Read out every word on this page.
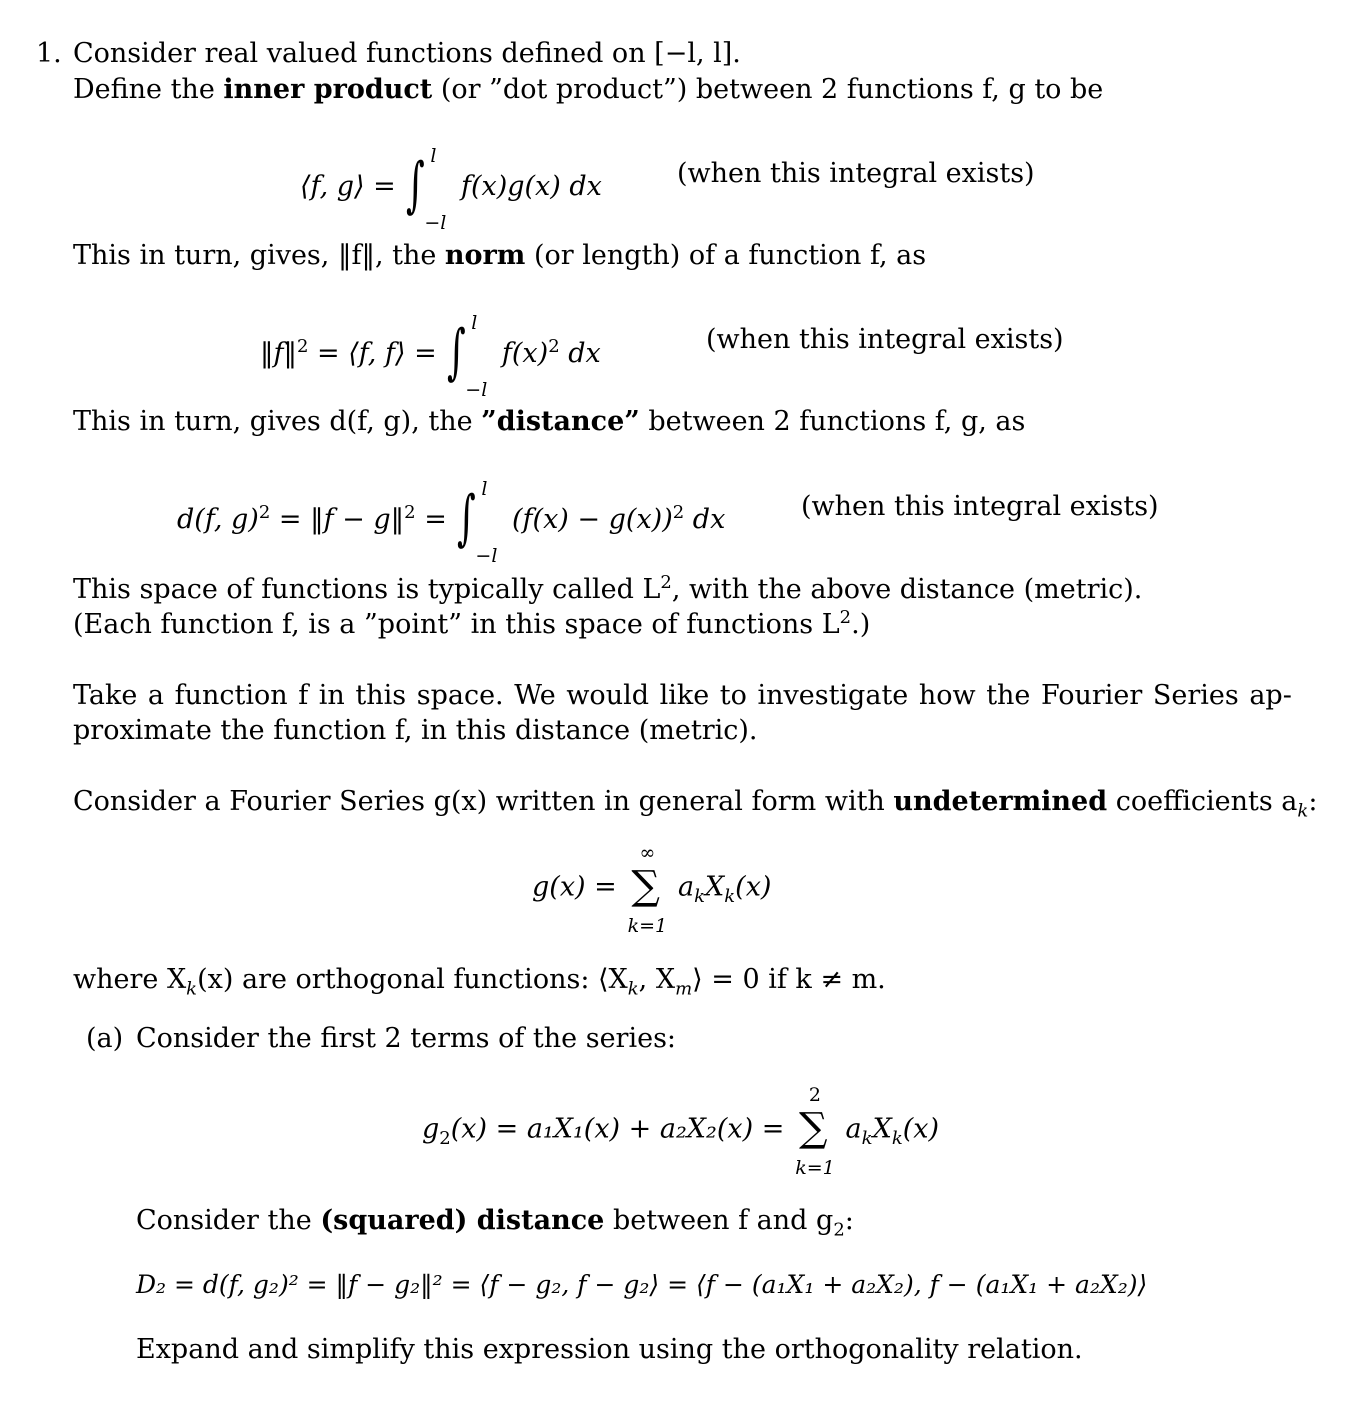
1. Consider real valued functions defined on [−l, l].
Define the inner product (or ”dot product”) between 2 functions f, g to be
⟨f, g⟩ = ∫ l
−l
f(x)g(x) dx	(when this integral exists)
This in turn, gives, ‖f‖, the norm (or length) of a function f, as
‖f‖$^2$ = ⟨f, f⟩ = ∫ l
−l
$f(x)^2$ dx	(when this integral exists)
This in turn, gives d(f, g), the ”distance” between 2 functions f, g, as
d(f, g)$^2$ = ‖f − g‖$^2$ = ∫ l
−l
$(f(x) - g(x))^2$ dx	(when this integral exists)
This space of functions is typically called $L^2$, with the above distance (metric).
(Each function f, is a ”point” in this space of functions $L^2$.)
Take a function f in this space. We would like to investigate how the Fourier Series ap-
proximate the function f, in this distance (metric).
Consider a Fourier Series g(x) written in general form with undetermined coefficients $a_k$:
g(x) =
∞
∑
k=1
$a_kX_k(x)$
where $X_k(x)$ are orthogonal functions: $⟨X_k$, $X_m⟩ = 0$ if k ≠ m.
(a) Consider the first 2 terms of the series:
$g_2(x) = a_1X_1(x) + a_2X_2(x)$ =
2
∑
k=1
$a_kX_k(x)$
Consider the (squared) distance between f and $g_2$:
D₂ = d(f, g₂)² = ‖f − g₂‖² = ⟨f − g₂, f − g₂⟩ = ⟨f − (a₁X₁ + a₂X₂), f − (a₁X₁ + a₂X₂)⟩
Expand and simplify this expression using the orthogonality relation.
